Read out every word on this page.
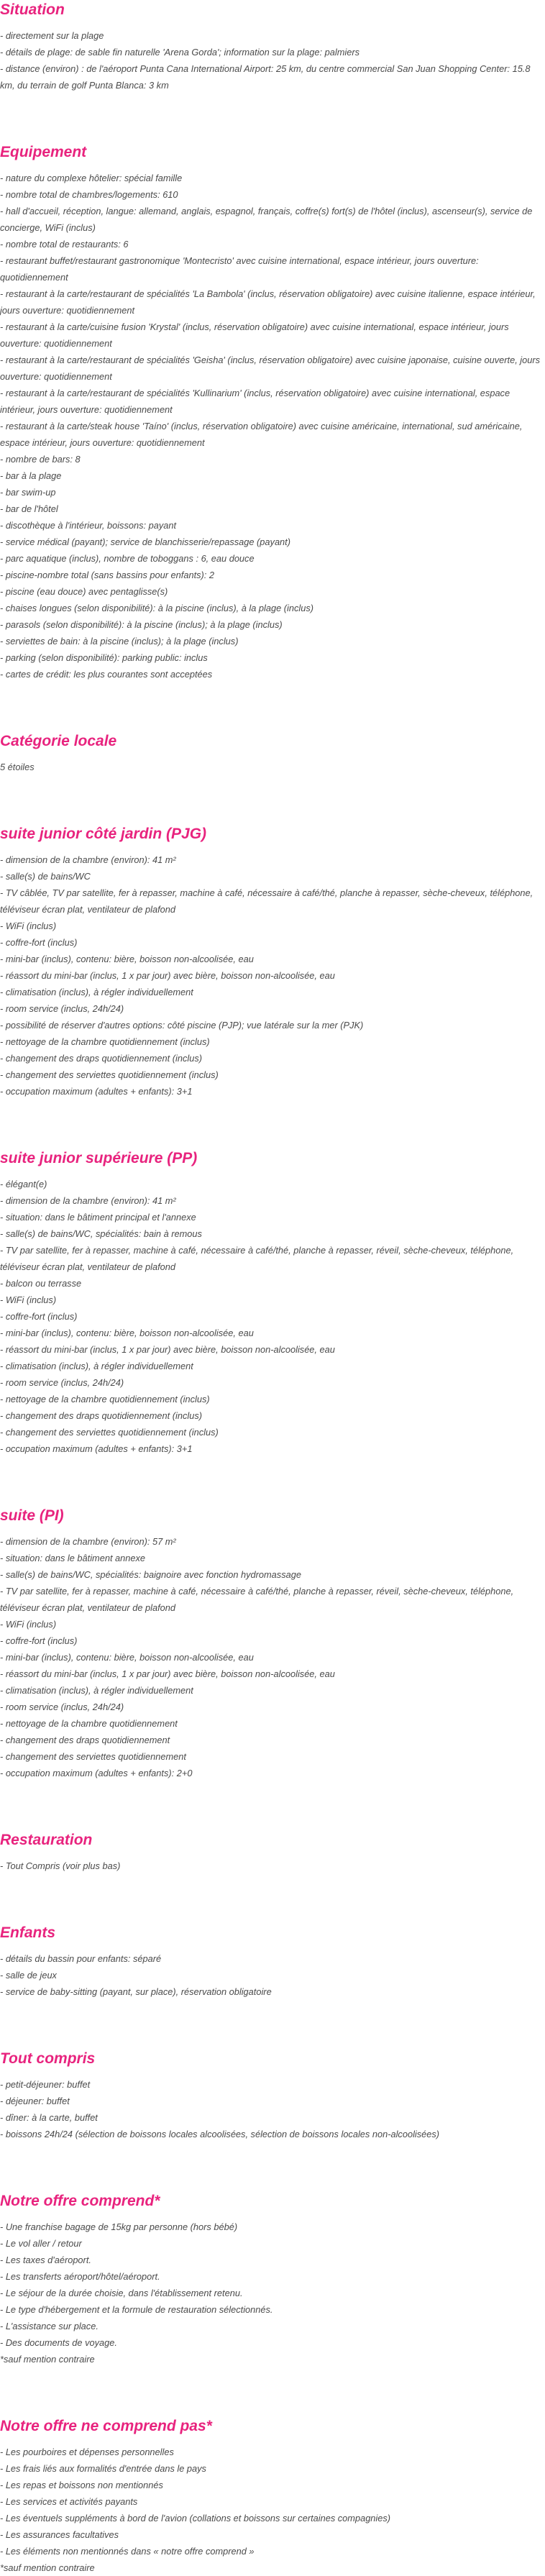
Situation
- directement sur la plage
- détails de plage: de sable fin naturelle 'Arena Gorda'; information sur la plage: palmiers
- distance (environ) : de l'aéroport Punta Cana International Airport: 25 km, du centre commercial San Juan Shopping Center: 15.8 km, du terrain de golf Punta Blanca: 3 km
Equipement
- nature du complexe hôtelier: spécial famille
- nombre total de chambres/logements: 610
- hall d'accueil, réception, langue: allemand, anglais, espagnol, français, coffre(s) fort(s) de l'hôtel (inclus), ascenseur(s), service de concierge, WiFi (inclus)
- nombre total de restaurants: 6
- restaurant buffet/restaurant gastronomique 'Montecristo' avec cuisine international, espace intérieur, jours ouverture: quotidiennement
- restaurant à la carte/restaurant de spécialités 'La Bambola' (inclus, réservation obligatoire) avec cuisine italienne, espace intérieur, jours ouverture: quotidiennement
- restaurant à la carte/cuisine fusion 'Krystal' (inclus, réservation obligatoire) avec cuisine international, espace intérieur, jours ouverture: quotidiennement
- restaurant à la carte/restaurant de spécialités 'Geisha' (inclus, réservation obligatoire) avec cuisine japonaise, cuisine ouverte, jours ouverture: quotidiennement
- restaurant à la carte/restaurant de spécialités 'Kullinarium' (inclus, réservation obligatoire) avec cuisine international, espace intérieur, jours ouverture: quotidiennement
- restaurant à la carte/steak house 'Taíno' (inclus, réservation obligatoire) avec cuisine américaine, international, sud américaine, espace intérieur, jours ouverture: quotidiennement
- nombre de bars: 8
- bar à la plage
- bar swim-up
- bar de l'hôtel
- discothèque à l'intérieur, boissons: payant
- service médical (payant); service de blanchisserie/repassage (payant)
- parc aquatique (inclus), nombre de toboggans : 6, eau douce
- piscine-nombre total (sans bassins pour enfants): 2
- piscine (eau douce) avec pentaglisse(s)
- chaises longues (selon disponibilité): à la piscine (inclus), à la plage (inclus)
- parasols (selon disponibilité): à la piscine (inclus); à la plage (inclus)
- serviettes de bain: à la piscine (inclus); à la plage (inclus)
- parking (selon disponibilité): parking public: inclus
- cartes de crédit: les plus courantes sont acceptées
Catégorie locale
5 étoiles
suite junior côté jardin (PJG)
- dimension de la chambre (environ): 41 m²
- salle(s) de bains/WC
- TV câblée, TV par satellite, fer à repasser, machine à café, nécessaire à café/thé, planche à repasser, sèche-cheveux, téléphone, téléviseur écran plat, ventilateur de plafond
- WiFi (inclus)
- coffre-fort (inclus)
- mini-bar (inclus), contenu: bière, boisson non-alcoolisée, eau
- réassort du mini-bar (inclus, 1 x par jour) avec bière, boisson non-alcoolisée, eau
- climatisation (inclus), à régler individuellement
- room service (inclus, 24h/24)
- possibilité de réserver d'autres options: côté piscine (PJP); vue latérale sur la mer (PJK)
- nettoyage de la chambre quotidiennement (inclus)
- changement des draps quotidiennement (inclus)
- changement des serviettes quotidiennement (inclus)
- occupation maximum (adultes + enfants): 3+1
suite junior supérieure (PP)
- élégant(e)
- dimension de la chambre (environ): 41 m²
- situation: dans le bâtiment principal et l'annexe
- salle(s) de bains/WC, spécialités: bain à remous
- TV par satellite, fer à repasser, machine à café, nécessaire à café/thé, planche à repasser, réveil, sèche-cheveux, téléphone, téléviseur écran plat, ventilateur de plafond
- balcon ou terrasse
- WiFi (inclus)
- coffre-fort (inclus)
- mini-bar (inclus), contenu: bière, boisson non-alcoolisée, eau
- réassort du mini-bar (inclus, 1 x par jour) avec bière, boisson non-alcoolisée, eau
- climatisation (inclus), à régler individuellement
- room service (inclus, 24h/24)
- nettoyage de la chambre quotidiennement (inclus)
- changement des draps quotidiennement (inclus)
- changement des serviettes quotidiennement (inclus)
- occupation maximum (adultes + enfants): 3+1
suite (PI)
- dimension de la chambre (environ): 57 m²
- situation: dans le bâtiment annexe
- salle(s) de bains/WC, spécialités: baignoire avec fonction hydromassage
- TV par satellite, fer à repasser, machine à café, nécessaire à café/thé, planche à repasser, réveil, sèche-cheveux, téléphone, téléviseur écran plat, ventilateur de plafond
- WiFi (inclus)
- coffre-fort (inclus)
- mini-bar (inclus), contenu: bière, boisson non-alcoolisée, eau
- réassort du mini-bar (inclus, 1 x par jour) avec bière, boisson non-alcoolisée, eau
- climatisation (inclus), à régler individuellement
- room service (inclus, 24h/24)
- nettoyage de la chambre quotidiennement
- changement des draps quotidiennement
- changement des serviettes quotidiennement
- occupation maximum (adultes + enfants): 2+0
Restauration
- Tout Compris (voir plus bas)
Enfants
- détails du bassin pour enfants: séparé
- salle de jeux
- service de baby-sitting (payant, sur place), réservation obligatoire
Tout compris
- petit-déjeuner: buffet
- déjeuner: buffet
- dîner: à la carte, buffet
- boissons 24h/24 (sélection de boissons locales alcoolisées, sélection de boissons locales non-alcoolisées)
Notre offre comprend*
- Une franchise bagage de 15kg par personne (hors bébé)
- Le vol aller / retour
- Les taxes d'aéroport.
- Les transferts aéroport/hôtel/aéroport.
- Le séjour de la durée choisie, dans l'établissement retenu.
- Le type d'hébergement et la formule de restauration sélectionnés.
- L'assistance sur place.
- Des documents de voyage.
*sauf mention contraire
Notre offre ne comprend pas*
- Les pourboires et dépenses personnelles
- Les frais liés aux formalités d'entrée dans le pays
- Les repas et boissons non mentionnés
- Les services et activités payants
- Les éventuels suppléments à bord de l'avion (collations et boissons sur certaines compagnies)
- Les assurances facultatives
- Les éléments non mentionnés dans « notre offre comprend »
*sauf mention contraire
